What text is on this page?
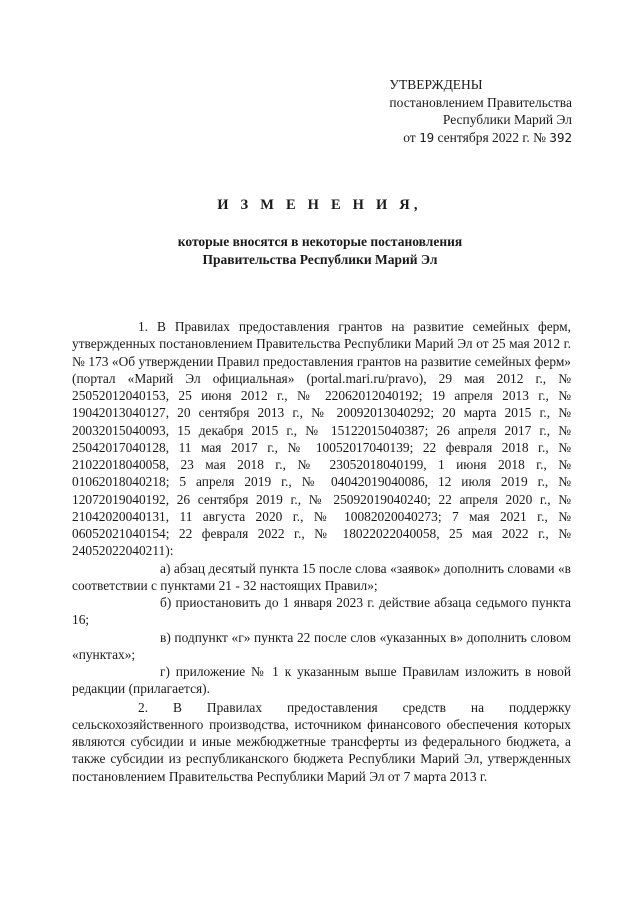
УТВЕРЖДЕНЫ
постановлением Правительства
Республики Марий Эл
от 19 сентября 2022 г. № 392
И З М Е Н Е Н И Я,
которые вносятся в некоторые постановления
Правительства Республики Марий Эл

1. В Правилах предоставления грантов на развитие семейных ферм, утвержденных постановлением Правительства Республики Марий Эл от 25 мая 2012 г. № 173 «Об утверждении Правил предоставления грантов на развитие семейных ферм» (портал «Марий Эл официальная» (portal.mari.ru/pravo), 29 мая 2012 г., № 25052012040153, 25 июня 2012 г., № 22062012040192; 19 апреля 2013 г., № 19042013040127, 20 сентября 2013 г., № 20092013040292; 20 марта 2015 г., № 20032015040093, 15 декабря 2015 г., № 15122015040387; 26 апреля 2017 г., № 25042017040128, 11 мая 2017 г., № 10052017040139; 22 февраля 2018 г., № 21022018040058, 23 мая 2018 г., № 23052018040199, 1 июня 2018 г., № 01062018040218; 5 апреля 2019 г., № 04042019040086, 12 июля 2019 г., № 12072019040192, 26 сентября 2019 г., № 25092019040240; 22 апреля 2020 г., № 21042020040131, 11 августа 2020 г., № 10082020040273; 7 мая 2021 г., № 06052021040154; 22 февраля 2022 г., № 18022022040058, 25 мая 2022 г., № 24052022040211):

а) абзац десятый пункта 15 после слова «заявок» дополнить словами «в соответствии с пунктами 21 - 32 настоящих Правил»;

б) приостановить до 1 января 2023 г. действие абзаца седьмого пункта 16;

в) подпункт «г» пункта 22 после слов «указанных в» дополнить словом «пунктах»;

г) приложение № 1 к указанным выше Правилам изложить в новой редакции (прилагается).

2. В Правилах предоставления средств на поддержку сельскохозяйственного производства, источником финансового обеспечения которых являются субсидии и иные межбюджетные трансферты из федерального бюджета, а также субсидии из республиканского бюджета Республики Марий Эл, утвержденных постановлением Правительства Республики Марий Эл от 7 марта 2013 г.
